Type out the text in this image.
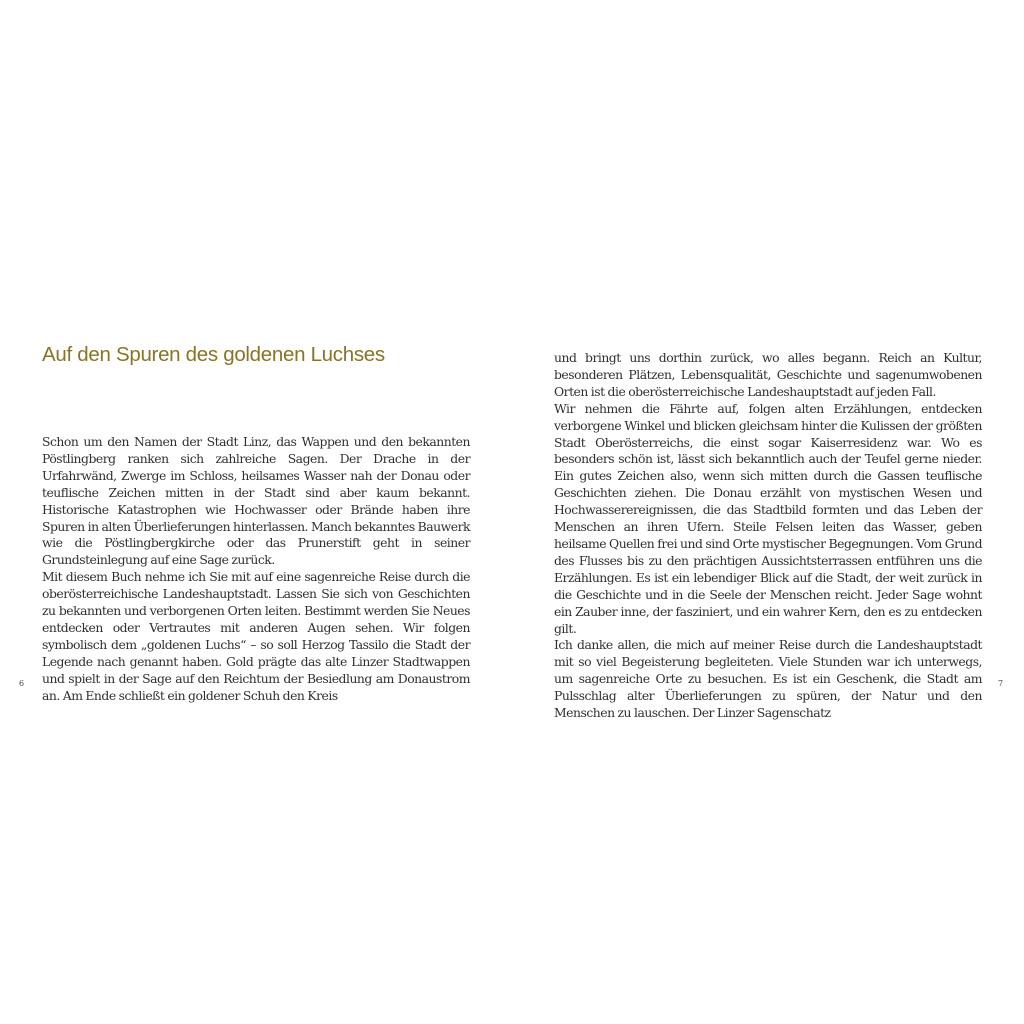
Auf den Spuren des goldenen Luchses

Schon um den Namen der Stadt Linz, das Wappen und den bekannten Pöstlingberg ranken sich zahlreiche Sagen. Der Drache in der Urfahrwänd, Zwerge im Schloss, heilsames Wasser nah der Donau oder teuflische Zeichen mitten in der Stadt sind aber kaum bekannt. Historische Katastrophen wie Hochwasser oder Brände haben ihre Spuren in alten Überlieferungen hinterlassen. Manch bekanntes Bauwerk wie die Pöstlingbergkirche oder das Prunerstift geht in seiner Grundsteinlegung auf eine Sage zurück.

Mit diesem Buch nehme ich Sie mit auf eine sagenreiche Reise durch die oberösterreichische Landeshauptstadt. Lassen Sie sich von Geschichten zu bekannten und verborgenen Orten leiten. Bestimmt werden Sie Neues entdecken oder Vertrautes mit anderen Augen sehen. Wir folgen symbolisch dem „goldenen Luchs“ – so soll Herzog Tassilo die Stadt der Legende nach genannt haben. Gold prägte das alte Linzer Stadtwappen und spielt in der Sage auf den Reichtum der Besiedlung am Donaustrom an. Am Ende schließt ein goldener Schuh den Kreis

6

und bringt uns dorthin zurück, wo alles begann. Reich an Kultur, besonderen Plätzen, Lebensqualität, Geschichte und sagenumwobenen Orten ist die oberösterreichische Landeshauptstadt auf jeden Fall.

Wir nehmen die Fährte auf, folgen alten Erzählungen, entdecken verborgene Winkel und blicken gleichsam hinter die Kulissen der größten Stadt Oberösterreichs, die einst sogar Kaiserresidenz war. Wo es besonders schön ist, lässt sich bekanntlich auch der Teufel gerne nieder. Ein gutes Zeichen also, wenn sich mitten durch die Gassen teuflische Geschichten ziehen. Die Donau erzählt von mystischen Wesen und Hochwasserereignissen, die das Stadtbild formten und das Leben der Menschen an ihren Ufern. Steile Felsen leiten das Wasser, geben heilsame Quellen frei und sind Orte mystischer Begegnungen. Vom Grund des Flusses bis zu den prächtigen Aussichtsterrassen entführen uns die Erzählungen. Es ist ein lebendiger Blick auf die Stadt, der weit zurück in die Geschichte und in die Seele der Menschen reicht. Jeder Sage wohnt ein Zauber inne, der fasziniert, und ein wahrer Kern, den es zu entdecken gilt.

Ich danke allen, die mich auf meiner Reise durch die Landeshauptstadt mit so viel Begeisterung begleiteten. Viele Stunden war ich unterwegs, um sagenreiche Orte zu besuchen. Es ist ein Geschenk, die Stadt am Pulsschlag alter Überlieferungen zu spüren, der Natur und den Menschen zu lauschen. Der Linzer Sagenschatz

7
